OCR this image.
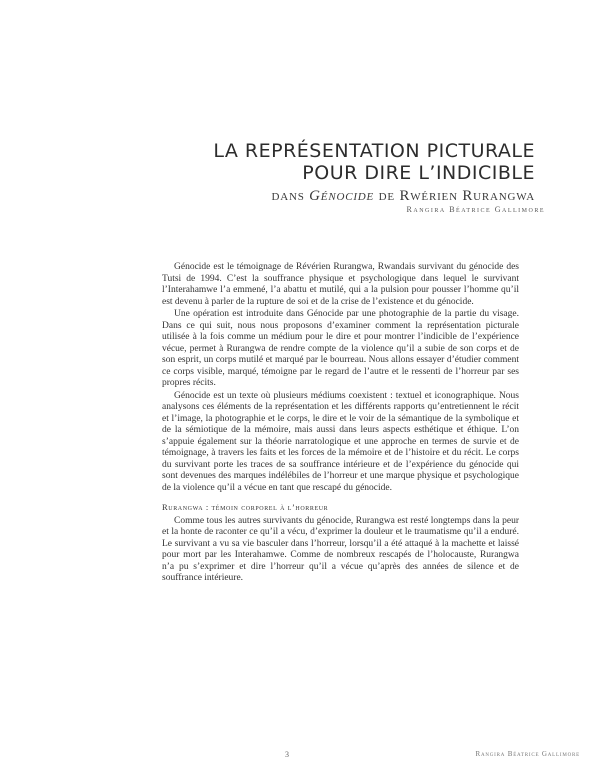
LA REPRÉSENTATION PICTURALE
POUR DIRE L’INDICIBLE
dans Génocide de Rwérien Rurangwa
Rangira Béatrice Gallimore

Génocide est le témoignage de Révérien Rurangwa, Rwandais survivant du génocide des Tutsi de 1994. C’est la souffrance physique et psychologique dans lequel le survivant l’Interahamwe l’a emmené, l’a abattu et mutilé, qui a la pulsion pour pousser l’homme qu’il est devenu à parler de la rupture de soi et de la crise de l’existence et du génocide.

Une opération est introduite dans Génocide par une photographie de la partie du visage. Dans ce qui suit, nous nous proposons d’examiner comment la représentation picturale utilisée à la fois comme un médium pour le dire et pour montrer l’indicible de l’expérience vécue, permet à Rurangwa de rendre compte de la violence qu’il a subie de son corps et de son esprit, un corps mutilé et marqué par le bourreau. Nous allons essayer d’étudier comment ce corps visible, marqué, témoigne par le regard de l’autre et le ressenti de l’horreur par ses propres récits.

Génocide est un texte où plusieurs médiums coexistent : textuel et iconographique. Nous analysons ces éléments de la représentation et les différents rapports qu’entretiennent le récit et l’image, la photographie et le corps, le dire et le voir de la sémantique de la symbolique et de la sémiotique de la mémoire, mais aussi dans leurs aspects esthétique et éthique. L’on s’appuie également sur la théorie narratologique et une approche en termes de survie et de témoignage, à travers les faits et les forces de la mémoire et de l’histoire et du récit. Le corps du survivant porte les traces de sa souffrance intérieure et de l’expérience du génocide qui sont devenues des marques indélébiles de l’horreur et une marque physique et psychologique de la violence qu’il a vécue en tant que rescapé du génocide.

Rurangwa : témoin corporel à l’horreur

Comme tous les autres survivants du génocide, Rurangwa est resté longtemps dans la peur et la honte de raconter ce qu’il a vécu, d’exprimer la douleur et le traumatisme qu’il a enduré. Le survivant a vu sa vie basculer dans l’horreur, lorsqu’il a été attaqué à la machette et laissé pour mort par les Interahamwe. Comme de nombreux rescapés de l’holocauste, Rurangwa n’a pu s’exprimer et dire l’horreur qu’il a vécue qu’après des années de silence et de souffrance intérieure.

3	Rangira Béatrice Gallimore
